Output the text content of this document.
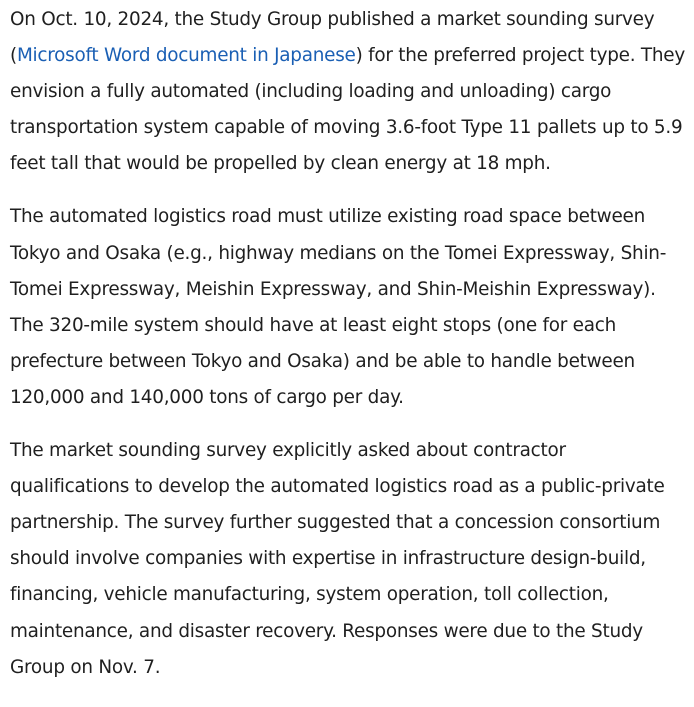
On Oct. 10, 2024, the Study Group published a market sounding survey (Microsoft Word document in Japanese) for the preferred project type. They envision a fully automated (including loading and unloading) cargo transportation system capable of moving 3.6-foot Type 11 pallets up to 5.9 feet tall that would be propelled by clean energy at 18 mph.

The automated logistics road must utilize existing road space between Tokyo and Osaka (e.g., highway medians on the Tomei Expressway, Shin-Tomei Expressway, Meishin Expressway, and Shin-Meishin Expressway). The 320-mile system should have at least eight stops (one for each prefecture between Tokyo and Osaka) and be able to handle between 120,000 and 140,000 tons of cargo per day.

The market sounding survey explicitly asked about contractor qualifications to develop the automated logistics road as a public-private partnership. The survey further suggested that a concession consortium should involve companies with expertise in infrastructure design-build, financing, vehicle manufacturing, system operation, toll collection, maintenance, and disaster recovery. Responses were due to the Study Group on Nov. 7.
